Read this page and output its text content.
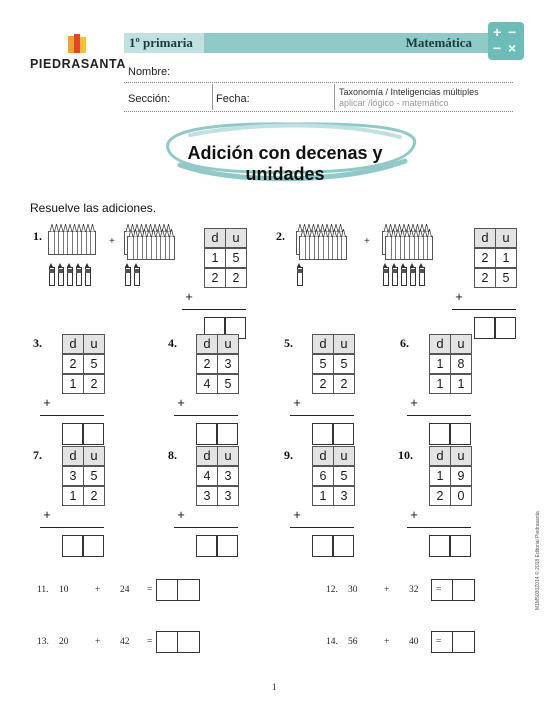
PIEDRASANTA
1º primaria	Matemática
+ −
− ×
Nombre:
Sección:	Fecha:
Taxonomía / Inteligencias múltiples
aplicar /lógico - matemático
Adición con decenas y unidades
Resuelve las adiciones.
1.	+	d	u
1	5
2	2
+
2.	+	d	u
2	1
2	5
+
3.	d	u
2	5
1	2
+
4.	d	u
2	3
4	5
+
5.	d	u
5	5
2	2
+
6.	d	u
1	8
1	1
+
7.	d	u
3	5
1	2
+
8.	d	u
4	3
3	3
+
9.	d	u
6	5
1	3
+
10.	d	u
1	9
2	0
+
11. 10	+ 24 =	12. 30	+ 32 =
13. 20	+ 42 =	14. 56	+ 40 =
M1M5030Z014 © 2018 Editorial Piedrasanta
1
